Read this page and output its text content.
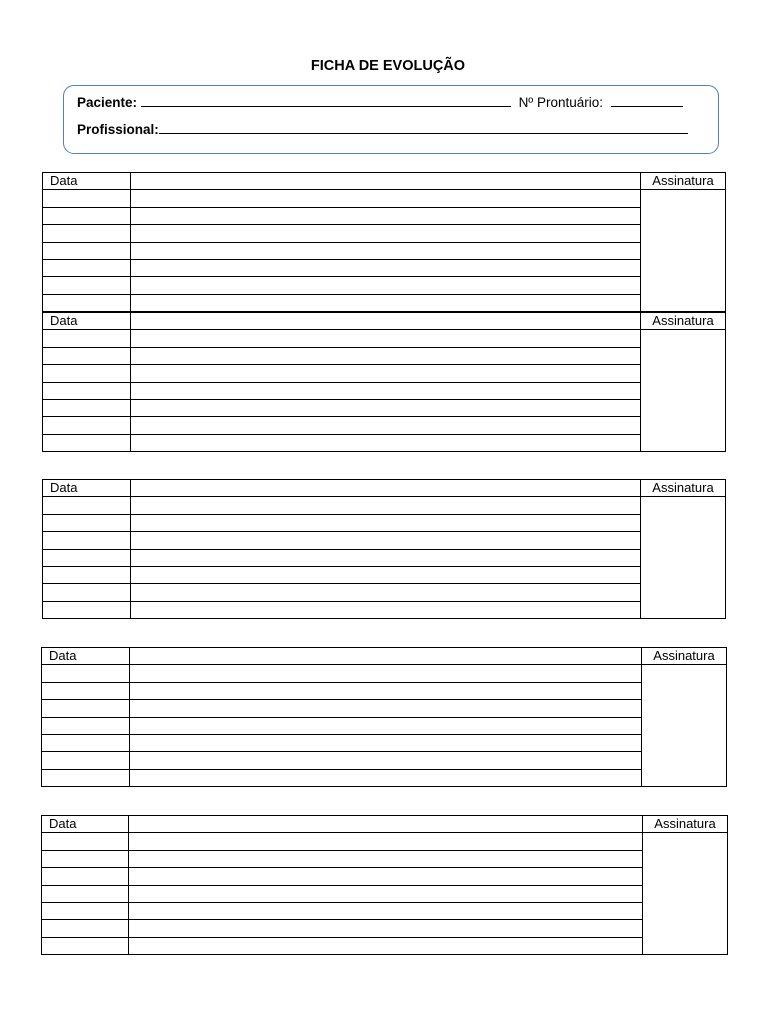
FICHA DE EVOLUÇÃO
Paciente:	Nº Prontuário:
Profissional:
Data		Assinatura

Data		Assinatura

Data		Assinatura

Data		Assinatura

Data		Assinatura
